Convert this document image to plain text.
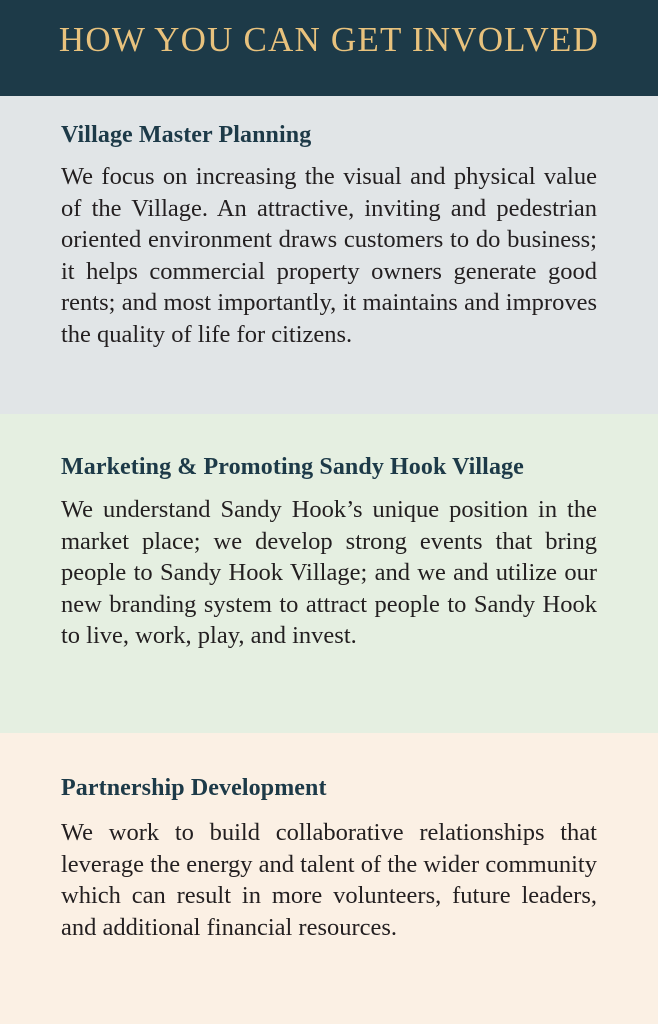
HOW YOU CAN GET INVOLVED
Village Master Planning

We focus on increasing the visual and physical value of the Village. An attractive, inviting and pedestrian oriented environment draws customers to do business; it helps commercial property owners generate good rents; and most importantly, it maintains and improves the quality of life for citizens.

Marketing & Promoting Sandy Hook Village

We understand Sandy Hook’s unique position in the market place; we develop strong events that bring people to Sandy Hook Village; and we and utilize our new branding system to attract people to Sandy Hook to live, work, play, and invest.

Partnership Development

We work to build collaborative relationships that leverage the energy and talent of the wider community which can result in more volunteers, future leaders, and additional financial resources.
